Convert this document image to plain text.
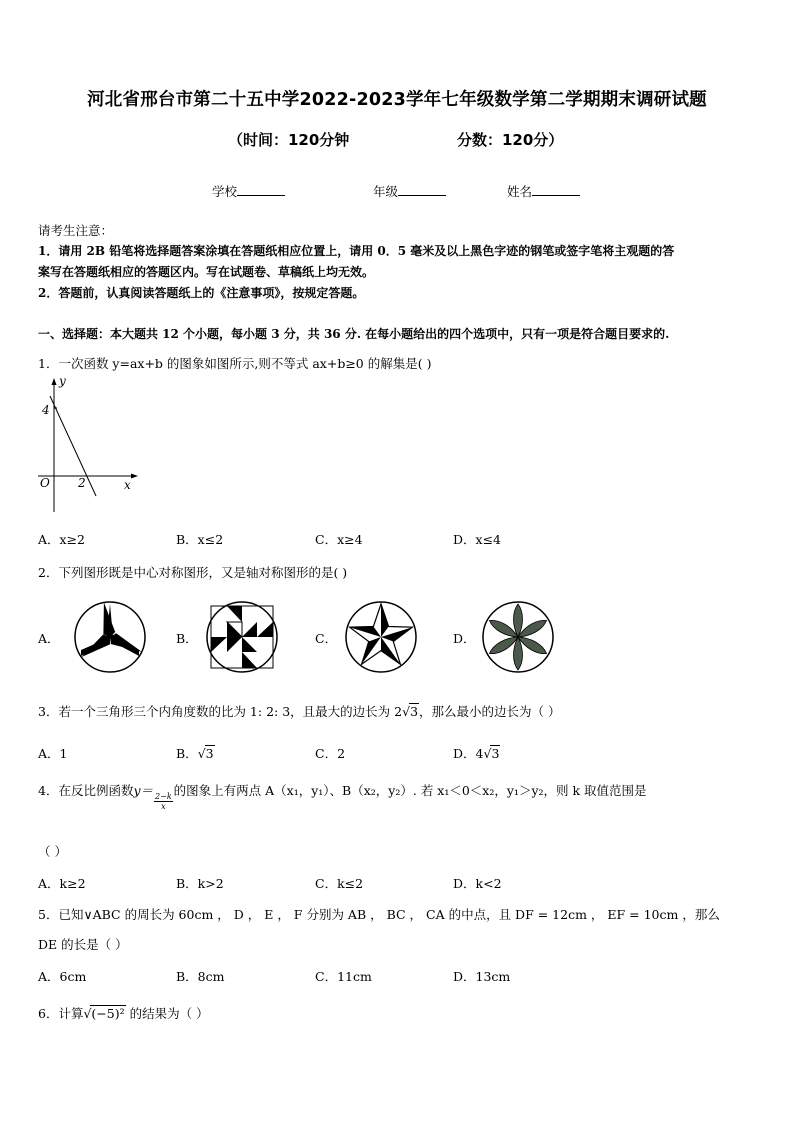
河北省邢台市第二十五中学2022-2023学年七年级数学第二学期期末调研试题
（时间：120分钟	分数：120分）
学校	年级	姓名
请考生注意：
1．请用 2B 铅笔将选择题答案涂填在答题纸相应位置上，请用 0．5 毫米及以上黑色字迹的钢笔或签字笔将主观题的答
案写在答题纸相应的答题区内。写在试题卷、草稿纸上均无效。
2．答题前，认真阅读答题纸上的《注意事项》，按规定答题。
一、选择题：本大题共 12 个小题，每小题 3 分，共 36 分. 在每小题给出的四个选项中，只有一项是符合题目要求的.
1．一次函数 y=ax+b 的图象如图所示,则不等式 ax+b≥0 的解集是( )
y
x
O
4
2
A．x≥2	B．x≤2	C．x≥4	D．x≤4
2．下列图形既是中心对称图形，又是轴对称图形的是( )
A．	B．	C．	D．
3．若一个三角形三个内角度数的比为 1: 2: 3，且最大的边长为 2√3，那么最小的边长为（ ）
A．1	B．√3	C．2	D．4√3
4．在反比例函数y＝
$\frac{2-k}{x}$
的图象上有两点 A（x₁，y₁）、B（x₂，y₂）. 若 x₁＜0＜x₂，y₁＞y₂，则 k 取值范围是
（ ）
A．k≥2	B．k>2	C．k≤2	D．k<2
5．已知∨ABC 的周长为 60cm ， D ， E ， F 分别为 AB ， BC ， CA 的中点，且 DF = 12cm ， EF = 10cm ，那么
DE 的长是（ ）
A．6cm	B．8cm	C．11cm	D．13cm
6．计算√(−5)² 的结果为（ ）
